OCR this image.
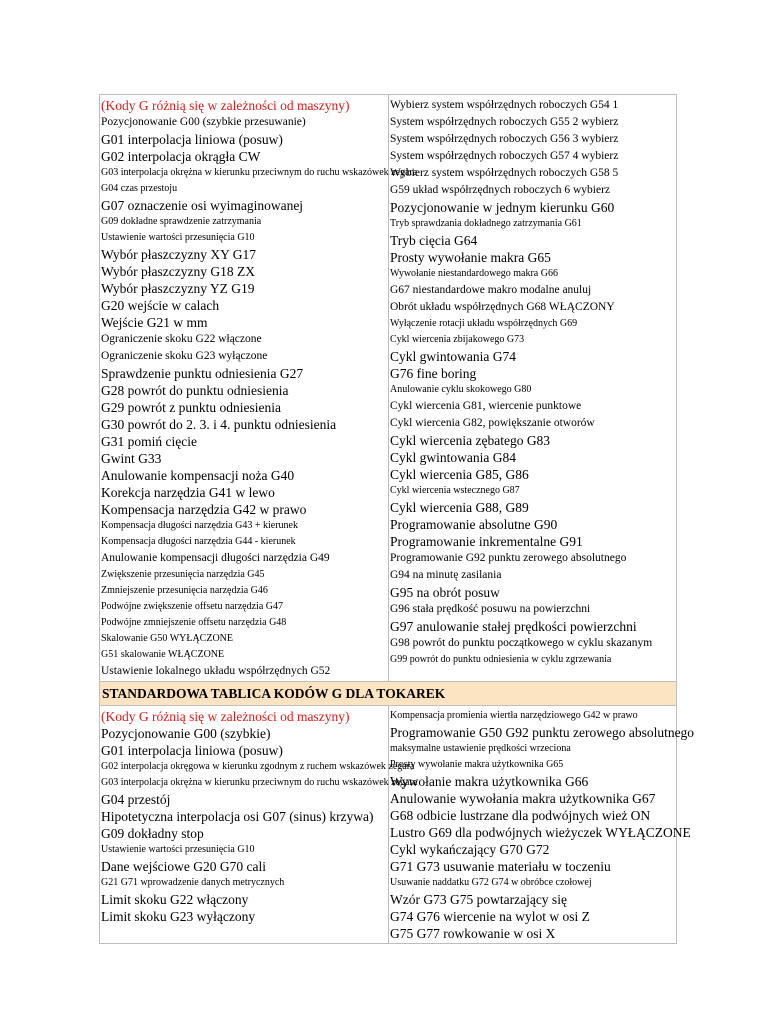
(Kody G różnią się w zależności od maszyny)
Pozycjonowanie G00 (szybkie przesuwanie)
G01 interpolacja liniowa (posuw)
G02 interpolacja okrągła CW
G03 interpolacja okrężna w kierunku przeciwnym do ruchu wskazówek zegara
G04 czas przestoju
G07 oznaczenie osi wyimaginowanej
G09 dokładne sprawdzenie zatrzymania
Ustawienie wartości przesunięcia G10
Wybór płaszczyzny XY G17
Wybór płaszczyzny G18 ZX
Wybór płaszczyzny YZ G19
G20 wejście w calach
Wejście G21 w mm
Ograniczenie skoku G22 włączone
Ograniczenie skoku G23 wyłączone
Sprawdzenie punktu odniesienia G27
G28 powrót do punktu odniesienia
G29 powrót z punktu odniesienia
G30 powrót do 2. 3. i 4. punktu odniesienia
G31 pomiń cięcie
Gwint G33
Anulowanie kompensacji noża G40
Korekcja narzędzia G41 w lewo
Kompensacja narzędzia G42 w prawo
Kompensacja długości narzędzia G43 + kierunek
Kompensacja długości narzędzia G44 - kierunek
Anulowanie kompensacji długości narzędzia G49
Zwiększenie przesunięcia narzędzia G45
Zmniejszenie przesunięcia narzędzia G46
Podwójne zwiększenie offsetu narzędzia G47
Podwójne zmniejszenie offsetu narzędzia G48
Skalowanie G50 WYŁĄCZONE
G51 skalowanie WŁĄCZONE
Ustawienie lokalnego układu współrzędnych G52
Wybierz system współrzędnych roboczych G54 1
System współrzędnych roboczych G55 2 wybierz
System współrzędnych roboczych G56 3 wybierz
System współrzędnych roboczych G57 4 wybierz
Wybierz system współrzędnych roboczych G58 5
G59 układ współrzędnych roboczych 6 wybierz
Pozycjonowanie w jednym kierunku G60
Tryb sprawdzania dokładnego zatrzymania G61
Tryb cięcia G64
Prosty wywołanie makra G65
Wywołanie niestandardowego makra G66
G67 niestandardowe makro modalne anuluj
Obrót układu współrzędnych G68 WŁĄCZONY
Wyłączenie rotacji układu współrzędnych G69
Cykl wiercenia zbijakowego G73
Cykl gwintowania G74
G76 fine boring
Anulowanie cyklu skokowego G80
Cykl wiercenia G81, wiercenie punktowe
Cykl wiercenia G82, powiększanie otworów
Cykl wiercenia zębatego G83
Cykl gwintowania G84
Cykl wiercenia G85, G86
Cykl wiercenia wstecznego G87
Cykl wiercenia G88, G89
Programowanie absolutne G90
Programowanie inkrementalne G91
Programowanie G92 punktu zerowego absolutnego
G94 na minutę zasilania
G95 na obrót posuw
G96 stała prędkość posuwu na powierzchni
G97 anulowanie stałej prędkości powierzchni
G98 powrót do punktu początkowego w cyklu skazanym
G99 powrót do punktu odniesienia w cyklu zgrzewania
STANDARDOWA TABLICA KODÓW G DLA TOKAREK
(Kody G różnią się w zależności od maszyny)
Pozycjonowanie G00 (szybkie)
G01 interpolacja liniowa (posuw)
G02 interpolacja okręgowa w kierunku zgodnym z ruchem wskazówek zegara
G03 interpolacja okrężna w kierunku przeciwnym do ruchu wskazówek zegara
G04 przestój
Hipotetyczna interpolacja osi G07 (sinus) krzywa)
G09 dokładny stop
Ustawienie wartości przesunięcia G10
Dane wejściowe G20 G70 cali
G21 G71 wprowadzenie danych metrycznych
Limit skoku G22 włączony
Limit skoku G23 wyłączony
Kompensacja promienia wiertła narzędziowego G42 w prawo
Programowanie G50 G92 punktu zerowego absolutnego
maksymalne ustawienie prędkości wrzeciona
Prosty wywołanie makra użytkownika G65
Wywołanie makra użytkownika G66
Anulowanie wywołania makra użytkownika G67
G68 odbicie lustrzane dla podwójnych wież ON
Lustro G69 dla podwójnych wieżyczek WYŁĄCZONE
Cykl wykańczający G70 G72
G71 G73 usuwanie materiału w toczeniu
Usuwanie naddatku G72 G74 w obróbce czołowej
Wzór G73 G75 powtarzający się
G74 G76 wiercenie na wylot w osi Z
G75 G77 rowkowanie w osi X
